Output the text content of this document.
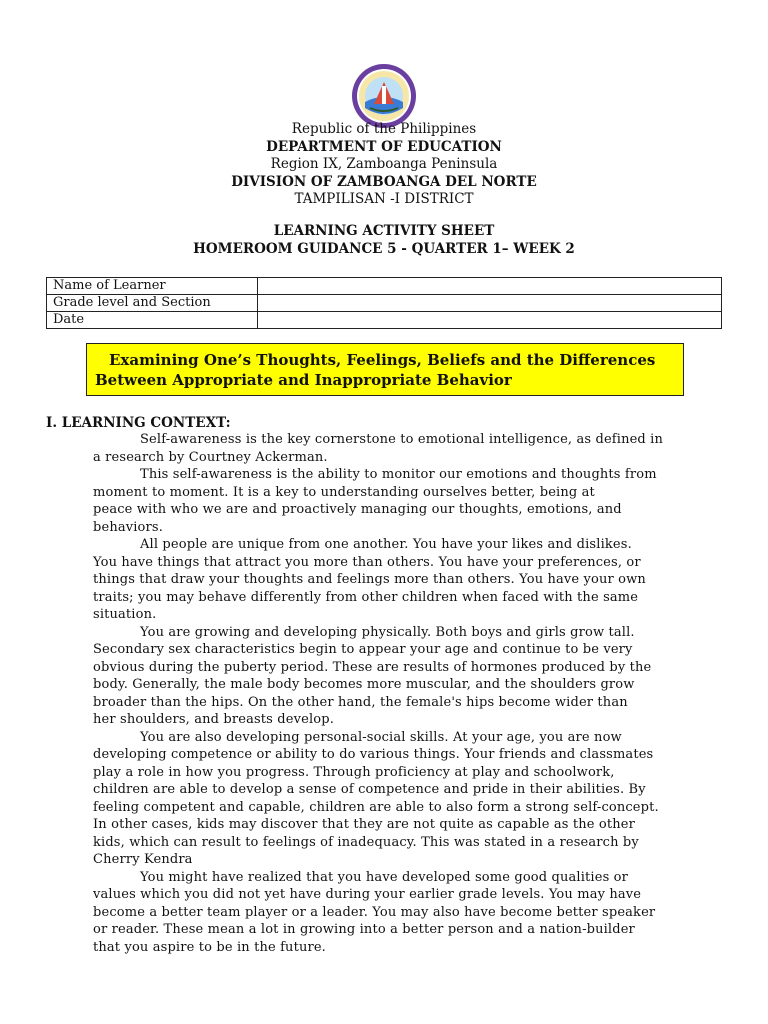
Republic of the Philippines
DEPARTMENT OF EDUCATION
Region IX, Zamboanga Peninsula
DIVISION OF ZAMBOANGA DEL NORTE
TAMPILISAN -I DISTRICT
LEARNING ACTIVITY SHEET
HOMEROOM GUIDANCE 5 - QUARTER 1– WEEK 2
Name of Learner	
Grade level and Section	
Date	
Examining One’s Thoughts, Feelings, Beliefs and the Differences
Between Appropriate and Inappropriate Behavior
I. LEARNING CONTEXT:
Self-awareness is the key cornerstone to emotional intelligence, as defined in
a research by Courtney Ackerman.
This self-awareness is the ability to monitor our emotions and thoughts from
moment to moment. It is a key to understanding ourselves better, being at
peace with who we are and proactively managing our thoughts, emotions, and
behaviors.
All people are unique from one another. You have your likes and dislikes.
You have things that attract you more than others. You have your preferences, or
things that draw your thoughts and feelings more than others. You have your own
traits; you may behave differently from other children when faced with the same
situation.
You are growing and developing physically. Both boys and girls grow tall.
Secondary sex characteristics begin to appear your age and continue to be very
obvious during the puberty period. These are results of hormones produced by the
body. Generally, the male body becomes more muscular, and the shoulders grow
broader than the hips. On the other hand, the female's hips become wider than
her shoulders, and breasts develop.
You are also developing personal-social skills. At your age, you are now
developing competence or ability to do various things. Your friends and classmates
play a role in how you progress. Through proficiency at play and schoolwork,
children are able to develop a sense of competence and pride in their abilities. By
feeling competent and capable, children are able to also form a strong self-concept.
In other cases, kids may discover that they are not quite as capable as the other
kids, which can result to feelings of inadequacy. This was stated in a research by
Cherry Kendra
You might have realized that you have developed some good qualities or
values which you did not yet have during your earlier grade levels. You may have
become a better team player or a leader. You may also have become better speaker
or reader. These mean a lot in growing into a better person and a nation-builder
that you aspire to be in the future.
